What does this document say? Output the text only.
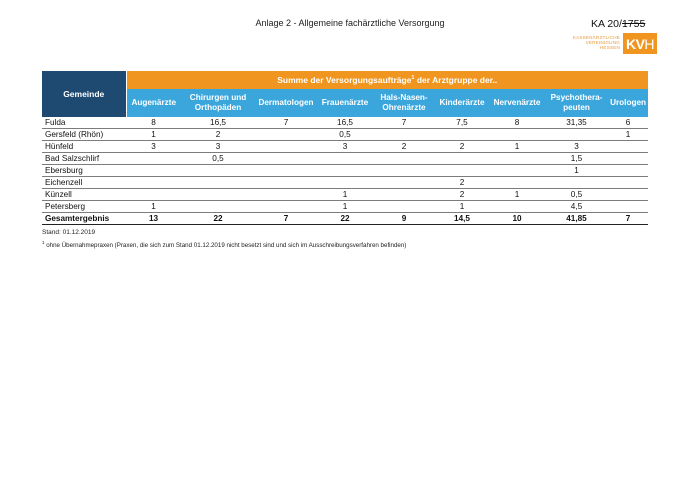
Anlage 2 - Allgemeine fachärztliche Versorgung	KA 20/1755
KASSENÄRZTLICHE
VEREINIGUNG
HESSEN KVH
Gemeinde	Summe der Versorgungsaufträge$^1$ der Arztgruppe der..								
	Augenärzte	Chirurgen und
Orthopäden	Dermatologen	Frauenärzte	Hals-Nasen-
Ohrenärzte	Kinderärzte	Nervenärzte	Psychothera-
peuten	Urologen
Fulda	8	16,5	7	16,5	7	7,5	8	31,35	6
Gersfeld (Rhön)	1	2		0,5					1
Hünfeld	3	3		3	2	2	1	3	
Bad Salzschlirf		0,5						1,5	
Ebersburg								1	
Eichenzell						2			
Künzell				1		2	1	0,5	
Petersberg	1			1		1		4,5	
Gesamtergebnis	13	22	7	22	9	14,5	10	41,85	7
Stand: 01.12.2019
$^1$ ohne Übernahmepraxen (Praxen, die sich zum Stand 01.12.2019 nicht besetzt sind und sich im Ausschreibungsverfahren befinden)
